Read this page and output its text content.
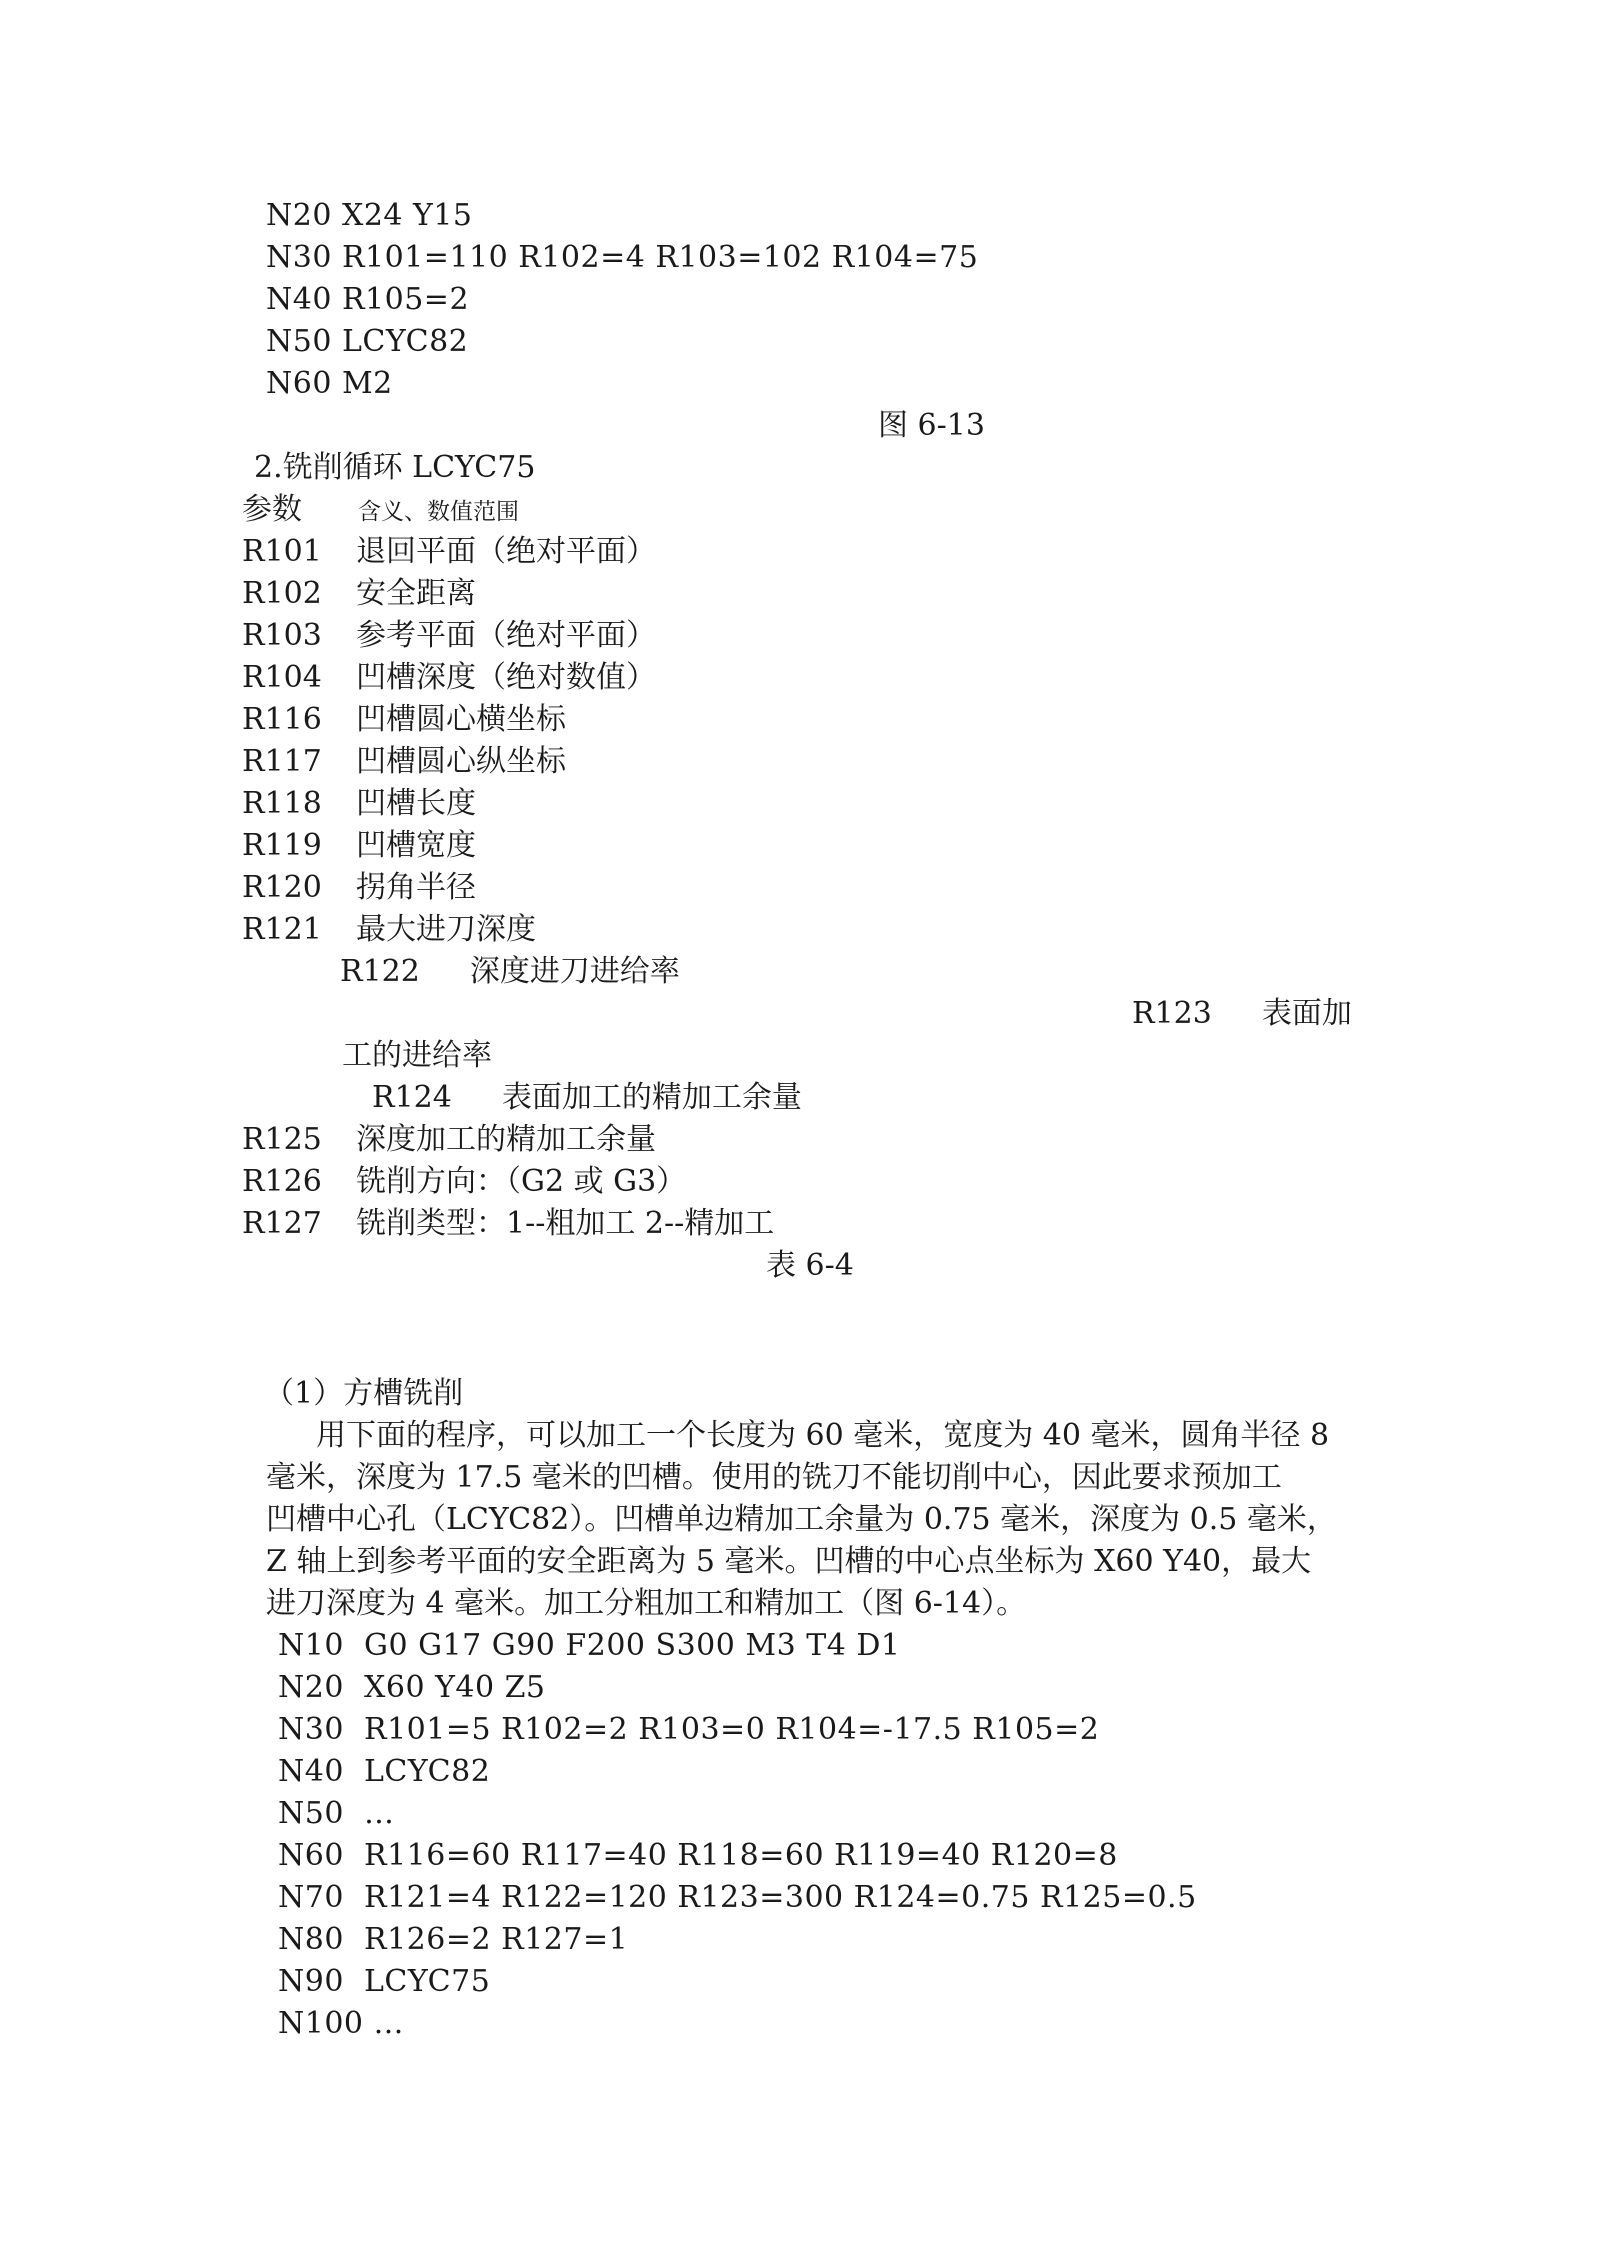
N20 X24 Y15
N30 R101=110 R102=4 R103=102 R104=75
N40 R105=2
N50 LCYC82
N60 M2
图 6-13
2.铣削循环 LCYC75
参数 含义、数值范围
R101 退回平面（绝对平面）
R102 安全距离
R103 参考平面（绝对平面）
R104 凹槽深度（绝对数值）
R116 凹槽圆心横坐标
R117 凹槽圆心纵坐标
R118 凹槽长度
R119 凹槽宽度
R120 拐角半径
R121 最大进刀深度
R122 深度进刀进给率
R123 表面加
工的进给率
R124 表面加工的精加工余量
R125 深度加工的精加工余量
R126 铣削方向：（G2 或 G3）
R127 铣削类型：1--粗加工 2--精加工
表 6-4
（1）方槽铣削
用下面的程序，可以加工一个长度为 60 毫米，宽度为 40 毫米，圆角半径 8
毫米，深度为 17.5 毫米的凹槽。使用的铣刀不能切削中心，因此要求预加工
凹槽中心孔（LCYC82）。凹槽单边精加工余量为 0.75 毫米，深度为 0.5 毫米，
Z 轴上到参考平面的安全距离为 5 毫米。凹槽的中心点坐标为 X60 Y40，最大
进刀深度为 4 毫米。加工分粗加工和精加工（图 6-14）。
N10  G0 G17 G90 F200 S300 M3 T4 D1
N20  X60 Y40 Z5
N30  R101=5 R102=2 R103=0 R104=-17.5 R105=2
N40  LCYC82
N50  …
N60  R116=60 R117=40 R118=60 R119=40 R120=8
N70  R121=4 R122=120 R123=300 R124=0.75 R125=0.5
N80  R126=2 R127=1
N90  LCYC75
N100 …
